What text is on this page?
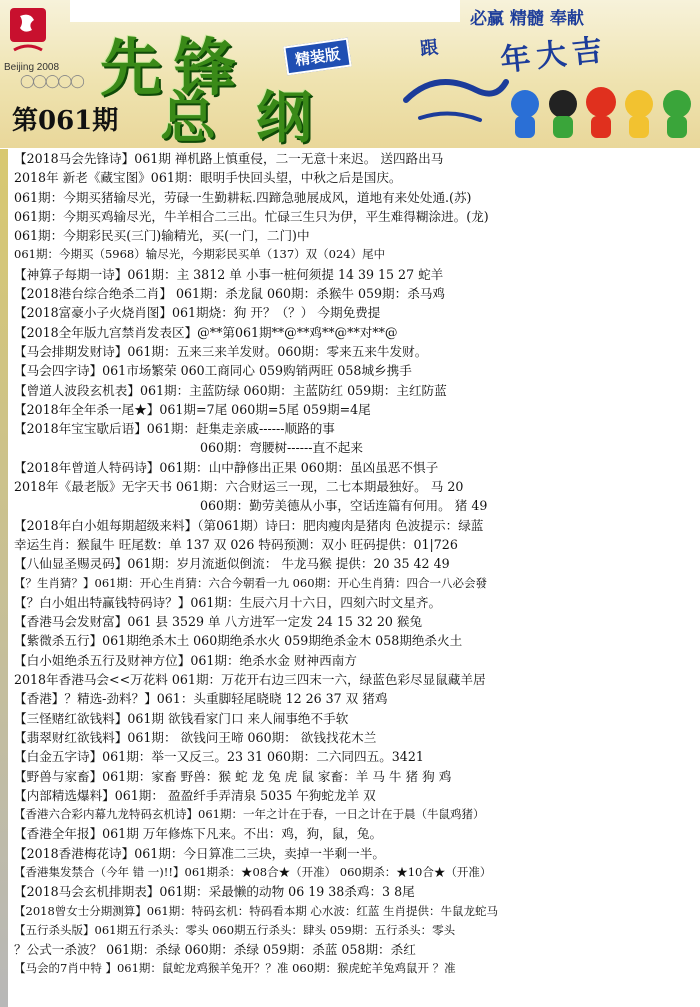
Beijing 2008
◯◯◯◯◯ 先锋
总纲
精装版
第061期
必赢 精髓 奉献
跟 年大吉
【2018马会先锋诗】061期 禅机路上慎重侵，二一无意十来迟。 送四路出马
2018年 新老《藏宝图》061期：眼明手快回头望，中秋之后是国庆。
061期：今期买猪输尽光，劳碌一生勤耕耘.四蹄急驰展成风，道地有来处处通.(苏)
061期：今期买鸡输尽光，牛羊相合二三出。忙碌三生只为伊，平生难得糊涂进。(龙)
061期：今期彩民买(三门)输精光，买(一门，二门)中
061期：今期买（5968）输尽光，今期彩民买单（137）双（024）尾中
【神算子每期一诗】061期：主 3812 单 小事一桩何须提 14 39 15 27 蛇羊
【2018港台综合绝杀二肖】 061期：杀龙鼠 060期：杀猴牛 059期：杀马鸡
【2018富豪小子火烧肖图】061期烧：狗 开？（？） 今期免费提
【2018全年版九宫禁肖发表区】@**第061期**@**鸡**@**对**@
【马会排期发财诗】061期：五来三来羊发财。060期：零来五来牛发财。
【马会四字诗】061市场繁荣 060工商同心 059购销两旺 058城乡携手
【曾道人波段玄机表】061期：主蓝防绿 060期：主蓝防红 059期：主红防蓝
【2018年全年杀一尾★】061期=7尾 060期=5尾 059期=4尾
【2018年宝宝歇后语】061期：赶集走亲戚------顺路的事
060期：弯腰树------直不起来
【2018年曾道人特码诗】061期：山中静修出正果 060期：虽凶虽恶不惧子
2018年《最老版》无字天书 061期：六合财运三一现，二七本期最独好。 马 20
060期：勤劳美德从小事，空话连篇有何用。 猪 49
【2018年白小姐每期超级来料】（第061期）诗曰：肥肉瘦肉是猪肉 色波提示：绿蓝
幸运生肖：猴鼠牛 旺尾数：单 137 双 026 特码预测：双小 旺码提供：01|726
【八仙显圣赐灵码】061期：岁月流逝似倒流： 牛龙马猴 提供：20 35 42 49
【？生肖猜？】061期：开心生肖猜：六合今朝看一九 060期：开心生肖猜：四合一八必会發
【？白小姐出特赢钱特码诗？】061期：生辰六月十六日，四刻六时文星齐。
【香港马会发财富】061 县 3529 单 八方进军一定发 24 15 32 20 猴兔
【紫微杀五行】061期绝杀木土 060期绝杀水火 059期绝杀金木 058期绝杀火土
【白小姐绝杀五行及财神方位】061期：绝杀水金 财神西南方
2018年香港马会<<万花料 061期：万花开右边三四末一六，绿蓝色彩尽显鼠藏羊居
【香港】？精选-劲料？】061：头重脚轻尾晓晓 12 26 37 双 猪鸡
【三怪赌红欲钱料】061期 欲钱看家门口 来人闹事绝不手软
【翡翠财红欲钱料】061期： 欲钱问王啼 060期： 欲钱找花木兰
【白金五字诗】061期：举一又反三。23 31 060期：二六同四五。3421
【野兽与家畜】061期：家畜 野兽：猴 蛇 龙 兔 虎 鼠 家畜：羊 马 牛 猪 狗 鸡
【内部精选爆料】061期： 盈盈纤手弄清泉 5035 午狗蛇龙羊 双
【香港六合彩内幕九龙特码玄机诗】061期：一年之计在于春，一日之计在于晨（牛鼠鸡猪）
【香港全年报】061期 万年修炼下凡来。不出：鸡，狗，鼠，兔。
【2018香港梅花诗】061期：今日算准二三块，卖掉一半剩一半。
【香港集发禁合（今年 错 一)!!】061期杀：★08合★（开准） 060期杀：★10合★（开准）
【2018马会玄机排期表】061期：采最懒的动物 06 19 38杀鸡：3 8尾
【2018曾女士分期测算】061期：特码玄机：特码看本期 心水波：红蓝 生肖提供：牛鼠龙蛇马
【五行杀头版】061期五行杀头：零头 060期五行杀头：肆头 059期：五行杀头：零头
？公式一杀波？ 061期：杀绿 060期：杀绿 059期：杀蓝 058期：杀红
【马会的7肖中特 】061期：鼠蛇龙鸡猴羊兔开？？准 060期：猴虎蛇羊兔鸡鼠开 ？准
